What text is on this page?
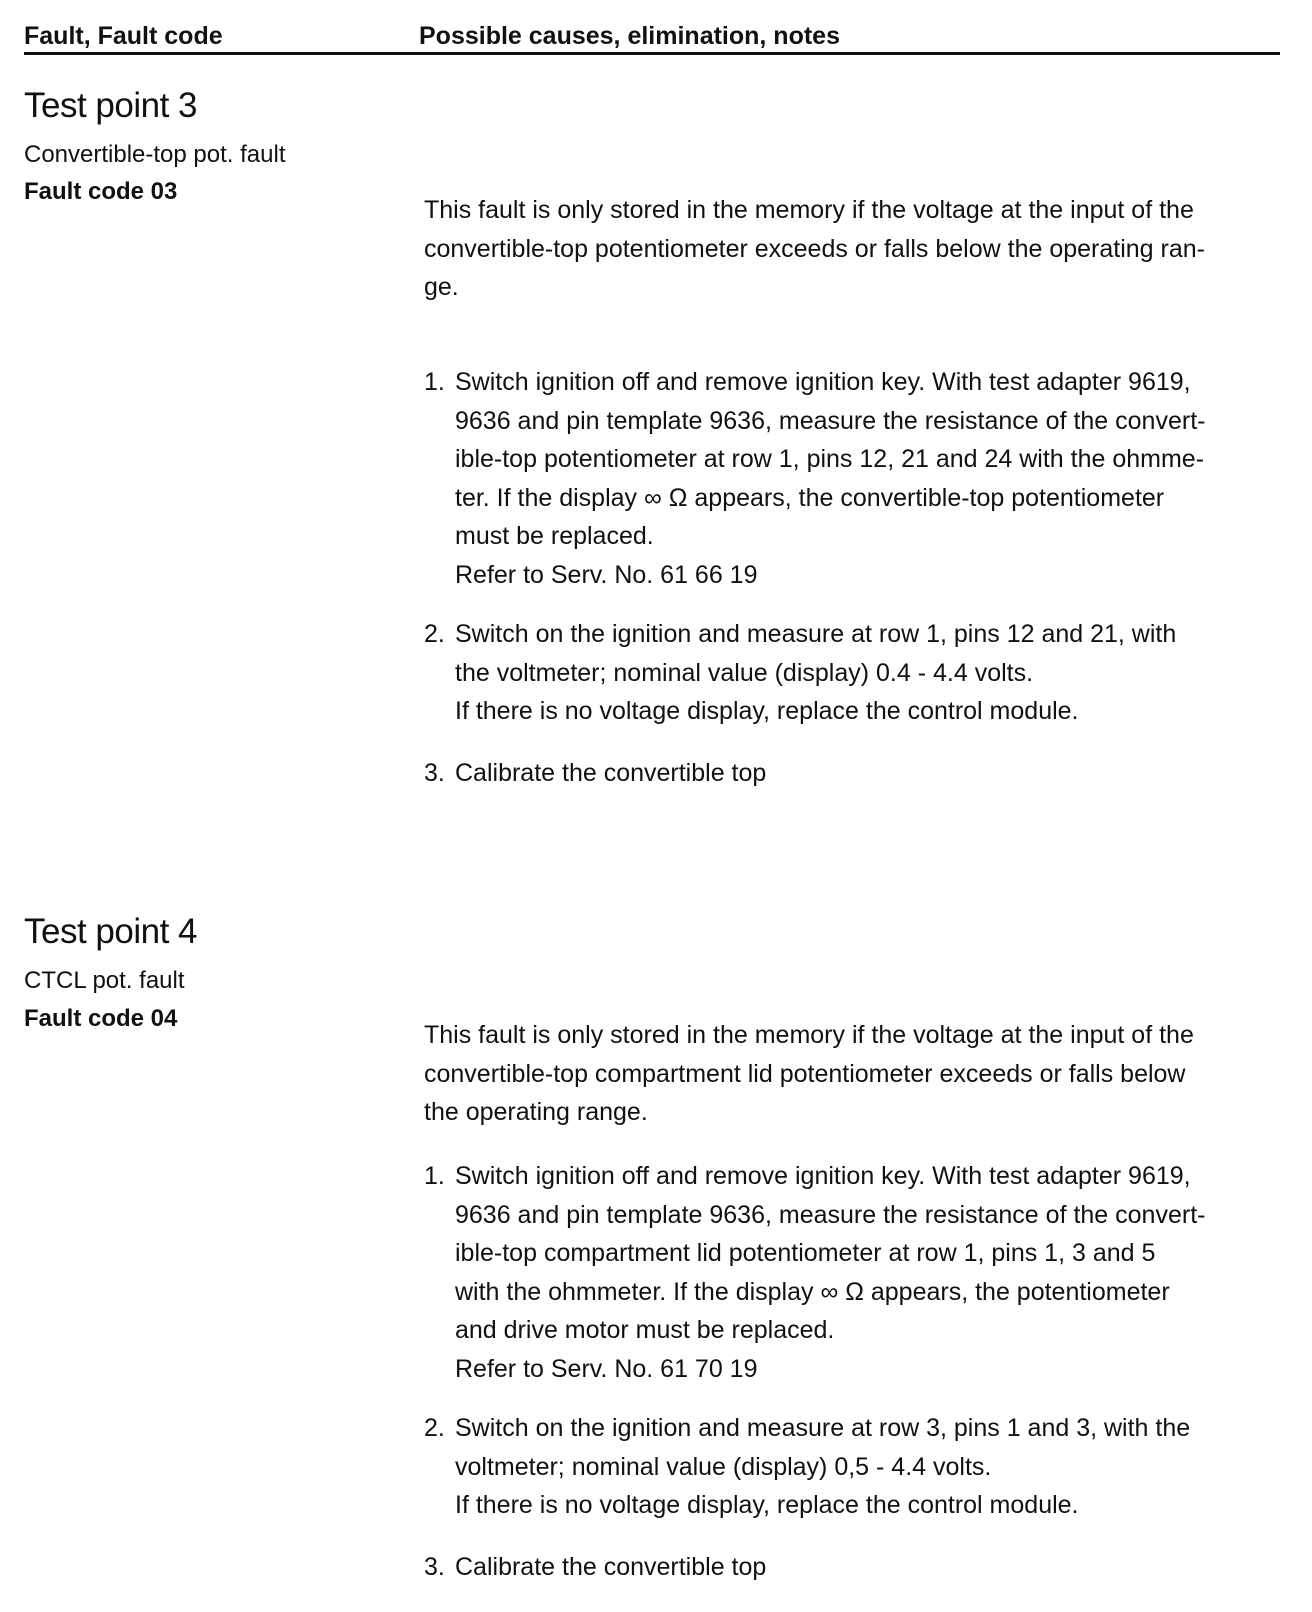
Fault, Fault code	Possible causes, elimination, notes
Test point 3
Convertible-top pot. fault
Fault code 03
This fault is only stored in the memory if the voltage at the input of the
convertible-top potentiometer exceeds or falls below the operating ran-
ge.
1. Switch ignition off and remove ignition key. With test adapter 9619,
9636 and pin template 9636, measure the resistance of the convert-
ible-top potentiometer at row 1, pins 12, 21 and 24 with the ohmme-
ter. If the display ∞ Ω appears, the convertible-top potentiometer
must be replaced.
Refer to Serv. No. 61 66 19
2. Switch on the ignition and measure at row 1, pins 12 and 21, with
the voltmeter; nominal value (display) 0.4 - 4.4 volts.
If there is no voltage display, replace the control module.
3. Calibrate the convertible top
Test point 4
CTCL pot. fault
Fault code 04
This fault is only stored in the memory if the voltage at the input of the
convertible-top compartment lid potentiometer exceeds or falls below
the operating range.
1. Switch ignition off and remove ignition key. With test adapter 9619,
9636 and pin template 9636, measure the resistance of the convert-
ible-top compartment lid potentiometer at row 1, pins 1, 3 and 5
with the ohmmeter. If the display ∞ Ω appears, the potentiometer
and drive motor must be replaced.
Refer to Serv. No. 61 70 19
2. Switch on the ignition and measure at row 3, pins 1 and 3, with the
voltmeter; nominal value (display) 0,5 - 4.4 volts.
If there is no voltage display, replace the control module.
3. Calibrate the convertible top
